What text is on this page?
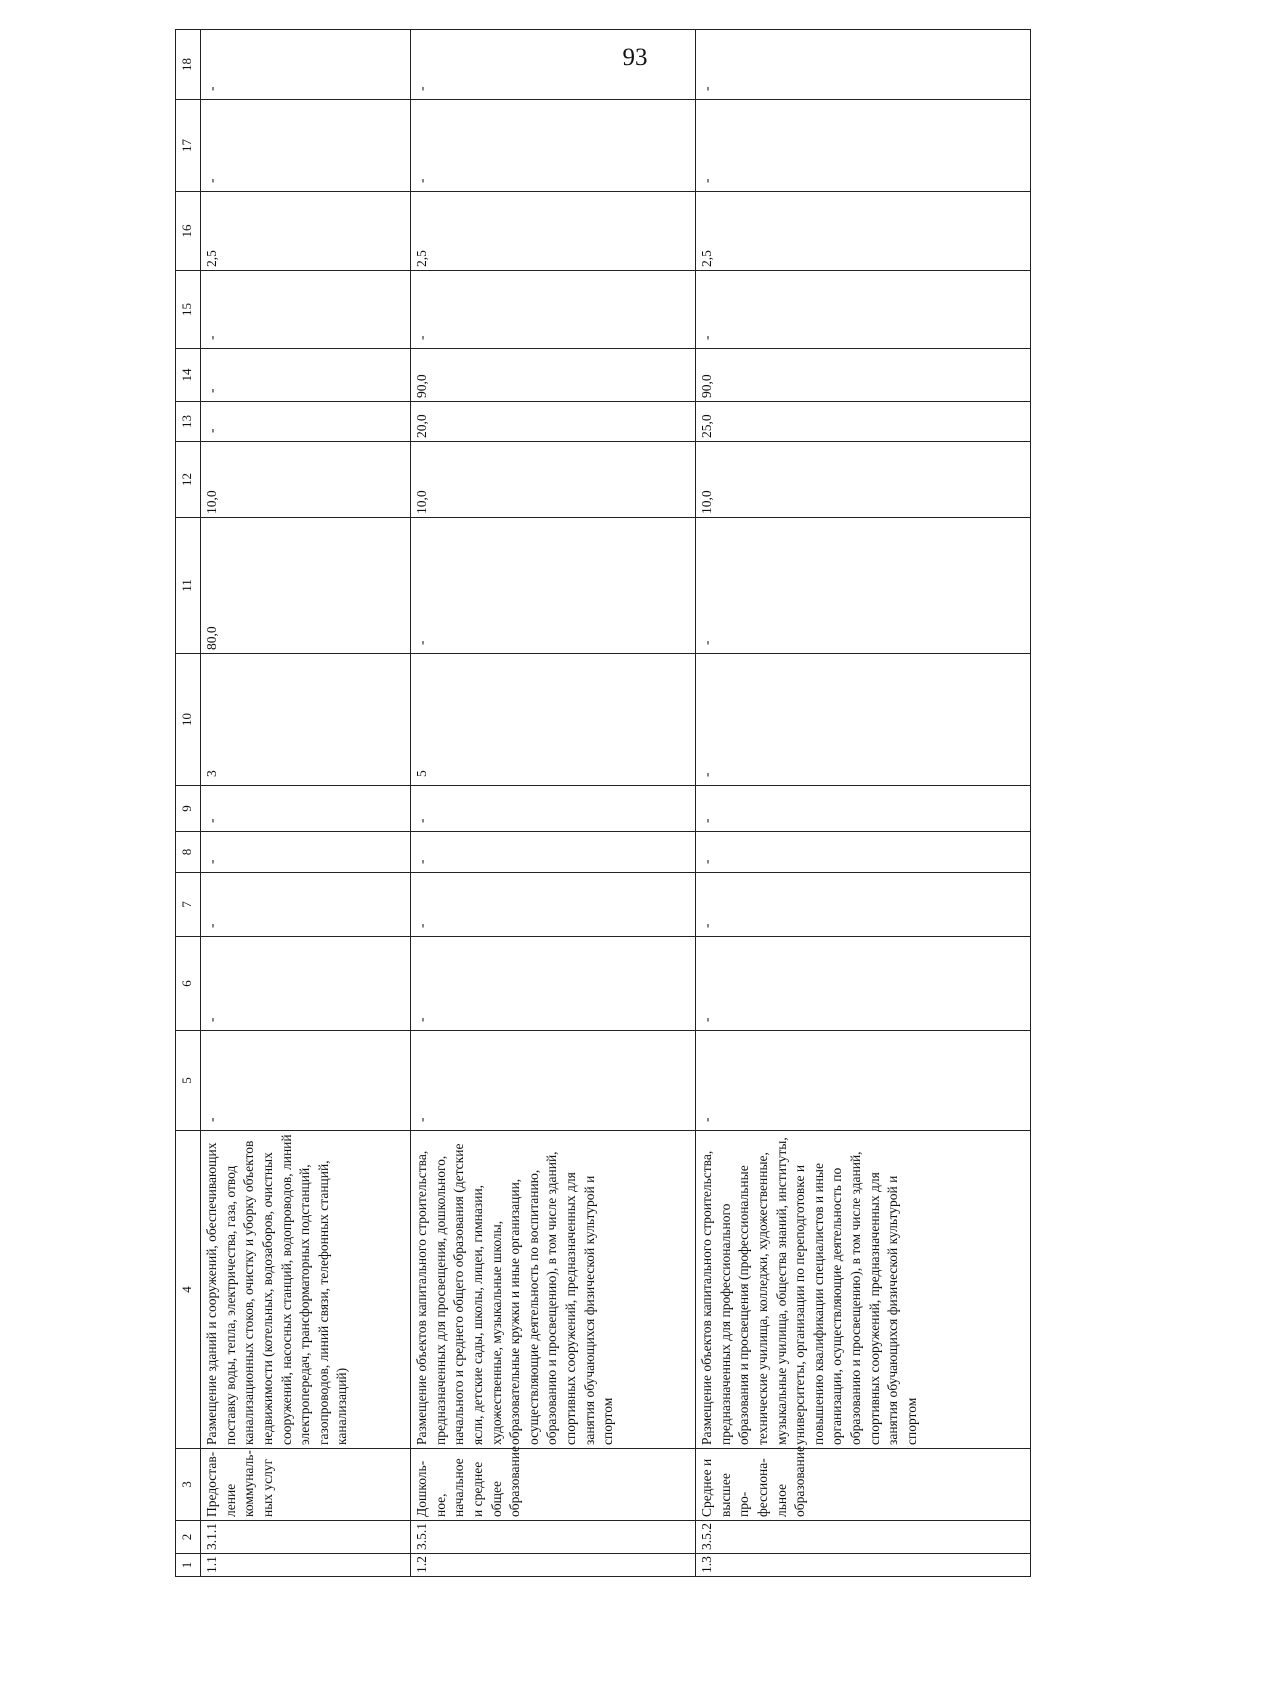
93
1	2	3	4	5	6	7	8	9	10	11	12	13	14	15	16	17	18
1.1	3.1.1	Предостав-ление коммуналь-ных услуг	Размещение зданий и сооружений, обеспечивающих поставку воды, тепла, электричества, газа, отвод канализационных стоков, очистку и уборку объектов недвижимости (котельных, водозаборов, очистных сооружений, насосных станций, водопроводов, линий электропередач, трансформаторных подстанций, газопроводов, линий связи, телефонных станций, канализаций)	-	-	-	-	-	3	80,0	10,0	-	-	-	2,5	-	-
1.2	3.5.1	Дошколь-ное, начальное и среднее общее образование	Размещение объектов капитального строительства, предназначенных для просвещения, дошкольного, начального и среднего общего образования (детские ясли, детские сады, школы, лицеи, гимназии, художественные, музыкальные школы, образовательные кружки и иные организации, осуществляющие деятельность по воспитанию, образованию и просвещению), в том числе зданий, спортивных сооружений, предназначенных для занятия обучающихся физической культурой и спортом	-	-	-	-	-	5	-	10,0	20,0	90,0	-	2,5	-	-
1.3	3.5.2	Среднее и высшее про-фессиона-льное образование	Размещение объектов капитального строительства, предназначенных для профессионального образования и просвещения (профессиональные технические училища, колледжи, художественные, музыкальные училища, общества знаний, институты, университеты, организации по переподготовке и повышению квалификации специалистов и иные организации, осуществляющие деятельность по образованию и просвещению), в том числе зданий, спортивных сооружений, предназначенных для занятия обучающихся физической культурой и спортом	-	-	-	-	-	-	-	10,0	25,0	90,0	-	2,5	-	-
